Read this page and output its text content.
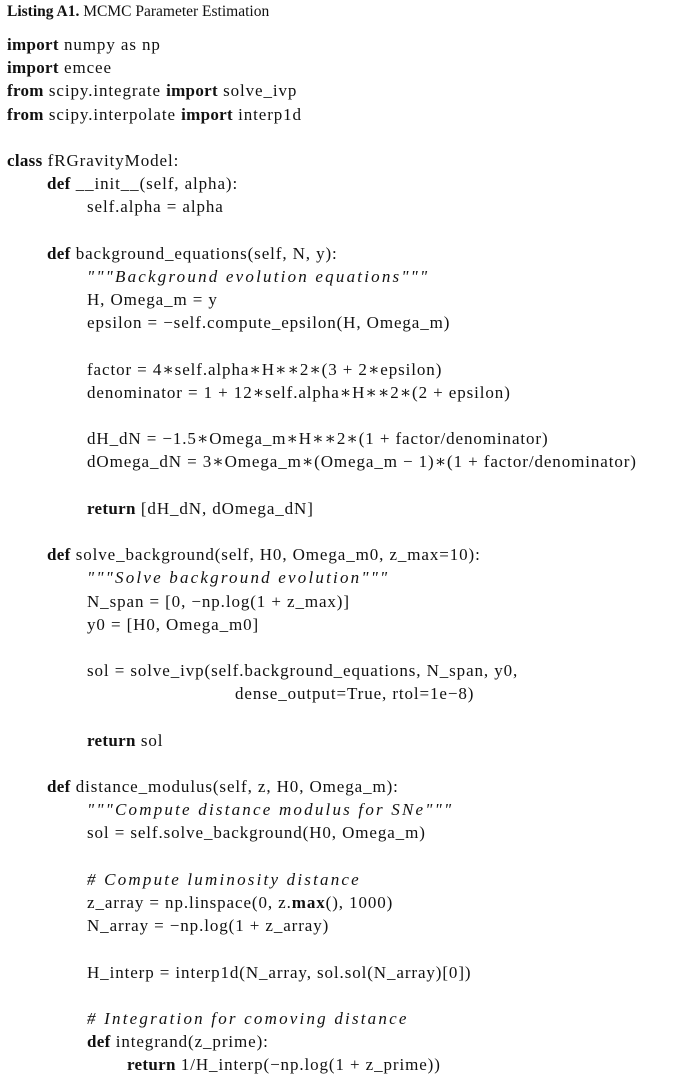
Listing A1. MCMC Parameter Estimation
import numpy as np
import emcee
from scipy.integrate import solve_ivp
from scipy.interpolate import interp1d
class fRGravityModel:
def __init__(self, alpha):
self.alpha = alpha
def background_equations(self, N, y):
"""Background evolution equations"""
H, Omega_m = y
epsilon = −self.compute_epsilon(H, Omega_m)
factor = 4∗self.alpha∗H∗∗2∗(3 + 2∗epsilon)
denominator = 1 + 12∗self.alpha∗H∗∗2∗(2 + epsilon)
dH_dN = −1.5∗Omega_m∗H∗∗2∗(1 + factor/denominator)
dOmega_dN = 3∗Omega_m∗(Omega_m − 1)∗(1 + factor/denominator)
return [dH_dN, dOmega_dN]
def solve_background(self, H0, Omega_m0, z_max=10):
"""Solve background evolution"""
N_span = [0, −np.log(1 + z_max)]
y0 = [H0, Omega_m0]
sol = solve_ivp(self.background_equations, N_span, y0,
dense_output=True, rtol=1e−8)
return sol
def distance_modulus(self, z, H0, Omega_m):
"""Compute distance modulus for SNe"""
sol = self.solve_background(H0, Omega_m)
# Compute luminosity distance
z_array = np.linspace(0, z.max(), 1000)
N_array = −np.log(1 + z_array)
H_interp = interp1d(N_array, sol.sol(N_array)[0])
# Integration for comoving distance
def integrand(z_prime):
return 1/H_interp(−np.log(1 + z_prime))
